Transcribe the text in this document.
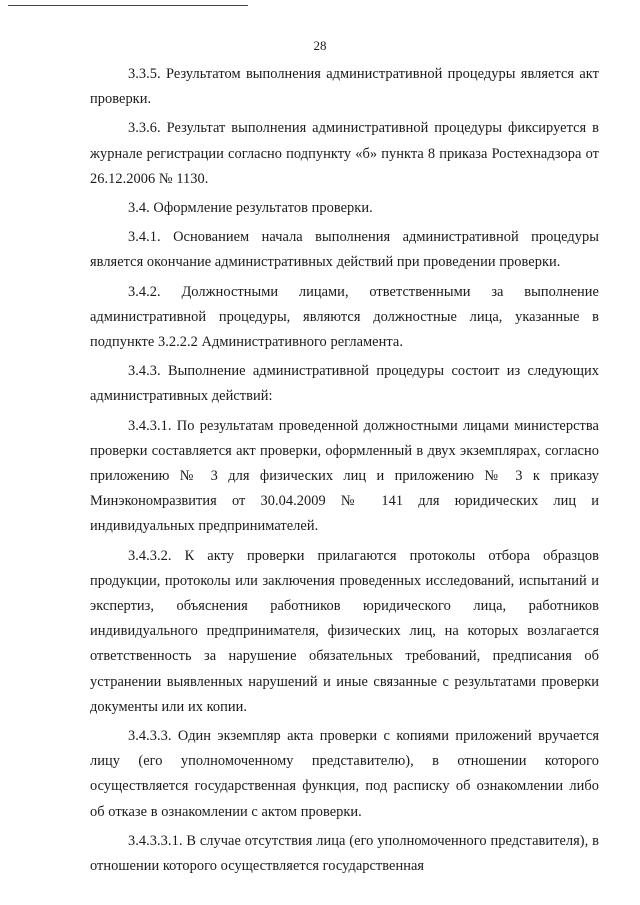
28

3.3.5. Результатом выполнения административной процедуры является акт проверки.

3.3.6. Результат выполнения административной процедуры фиксируется в журнале регистрации согласно подпункту «б» пункта 8 приказа Ростехнадзора от 26.12.2006 № 1130.

3.4. Оформление результатов проверки.

3.4.1. Основанием начала выполнения административной процедуры является окончание административных действий при проведении проверки.

3.4.2. Должностными лицами, ответственными за выполнение административной процедуры, являются должностные лица, указанные в подпункте 3.2.2.2 Административного регламента.

3.4.3. Выполнение административной процедуры состоит из следующих административных действий:

3.4.3.1. По результатам проведенной должностными лицами министерства проверки составляется акт проверки, оформленный в двух экземплярах, согласно приложению № 3 для физических лиц и приложению № 3 к приказу Минэкономразвития от 30.04.2009 № 141 для юридических лиц и индивидуальных предпринимателей.

3.4.3.2. К акту проверки прилагаются протоколы отбора образцов продукции, протоколы или заключения проведенных исследований, испытаний и экспертиз, объяснения работников юридического лица, работников индивидуального предпринимателя, физических лиц, на которых возлагается ответственность за нарушение обязательных требований, предписания об устранении выявленных нарушений и иные связанные с результатами проверки документы или их копии.

3.4.3.3. Один экземпляр акта проверки с копиями приложений вручается лицу (его уполномоченному представителю), в отношении которого осуществляется государственная функция, под расписку об ознакомлении либо об отказе в ознакомлении с актом проверки.

3.4.3.3.1. В случае отсутствия лица (его уполномоченного представителя), в отношении которого осуществляется государственная
